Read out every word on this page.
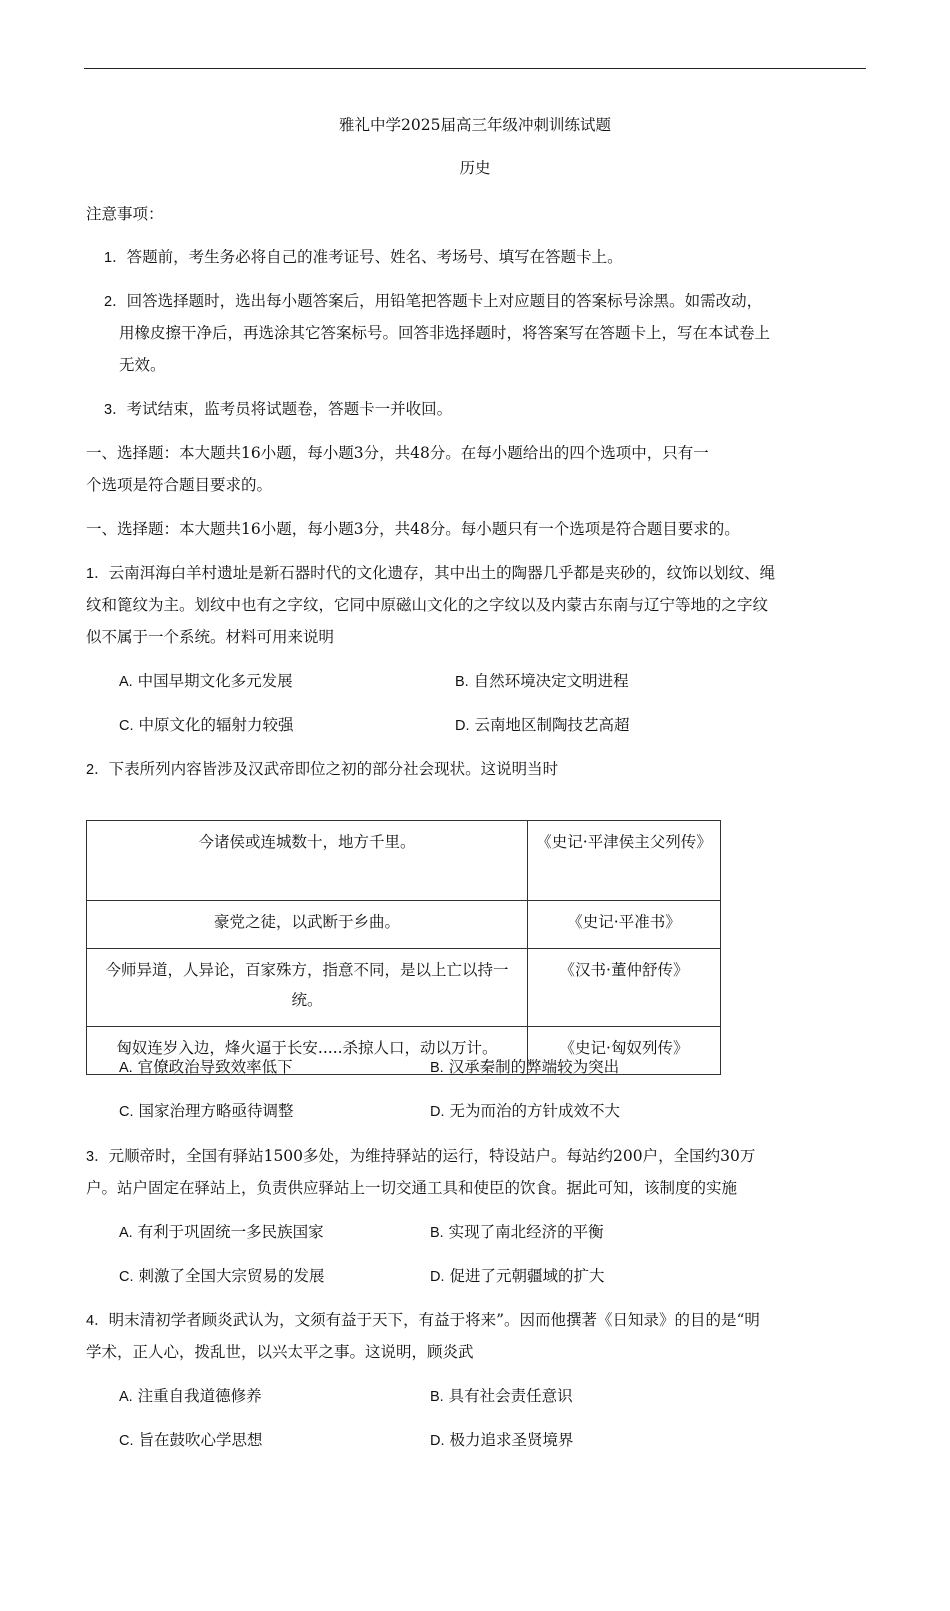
雅礼中学2025届高三年级冲刺训练试题
历史
注意事项：
1．答题前，考生务必将自己的准考证号、姓名、考场号、填写在答题卡上。
2．回答选择题时，选出每小题答案后，用铅笔把答题卡上对应题目的答案标号涂黑。如需改动，
用橡皮擦干净后，再选涂其它答案标号。回答非选择题时，将答案写在答题卡上，写在本试卷上
无效。
3．考试结束，监考员将试题卷，答题卡一并收回。
一、选择题：本大题共16小题，每小题3分，共48分。在每小题给出的四个选项中，只有一
个选项是符合题目要求的。
一、选择题：本大题共16小题，每小题3分，共48分。每小题只有一个选项是符合题目要求的。
1．云南洱海白羊村遗址是新石器时代的文化遗存，其中出土的陶器几乎都是夹砂的，纹饰以划纹、绳
纹和篦纹为主。划纹中也有之字纹，它同中原磁山文化的之字纹以及内蒙古东南与辽宁等地的之字纹
似不属于一个系统。材料可用来说明
A. 中国早期文化多元发展	B. 自然环境决定文明进程
C. 中原文化的辐射力较强	D. 云南地区制陶技艺高超
2．下表所列内容皆涉及汉武帝即位之初的部分社会现状。这说明当时
今诸侯或连城数十，地方千里。	《史记·平津侯主父列传》
豪党之徒，以武断于乡曲。	《史记·平准书》
今师异道，人异论，百家殊方，指意不同，是以上亡以持一统。	《汉书·董仲舒传》
匈奴连岁入边，烽火逼于长安.....杀掠人口，动以万计。	《史记·匈奴列传》
A. 官僚政治导致效率低下	B. 汉承秦制的弊端较为突出
C. 国家治理方略亟待调整	D. 无为而治的方针成效不大
3．元顺帝时，全国有驿站1500多处，为维持驿站的运行，特设站户。每站约200户，全国约30万
户。站户固定在驿站上，负责供应驿站上一切交通工具和使臣的饮食。据此可知，该制度的实施
A. 有利于巩固统一多民族国家	B. 实现了南北经济的平衡
C. 刺激了全国大宗贸易的发展	D. 促进了元朝疆域的扩大
4．明末清初学者顾炎武认为，文须有益于天下，有益于将来”。因而他撰著《日知录》的目的是“明
学术，正人心，拨乱世，以兴太平之事。这说明，顾炎武
A. 注重自我道德修养	B. 具有社会责任意识
C. 旨在鼓吹心学思想	D. 极力追求圣贤境界
